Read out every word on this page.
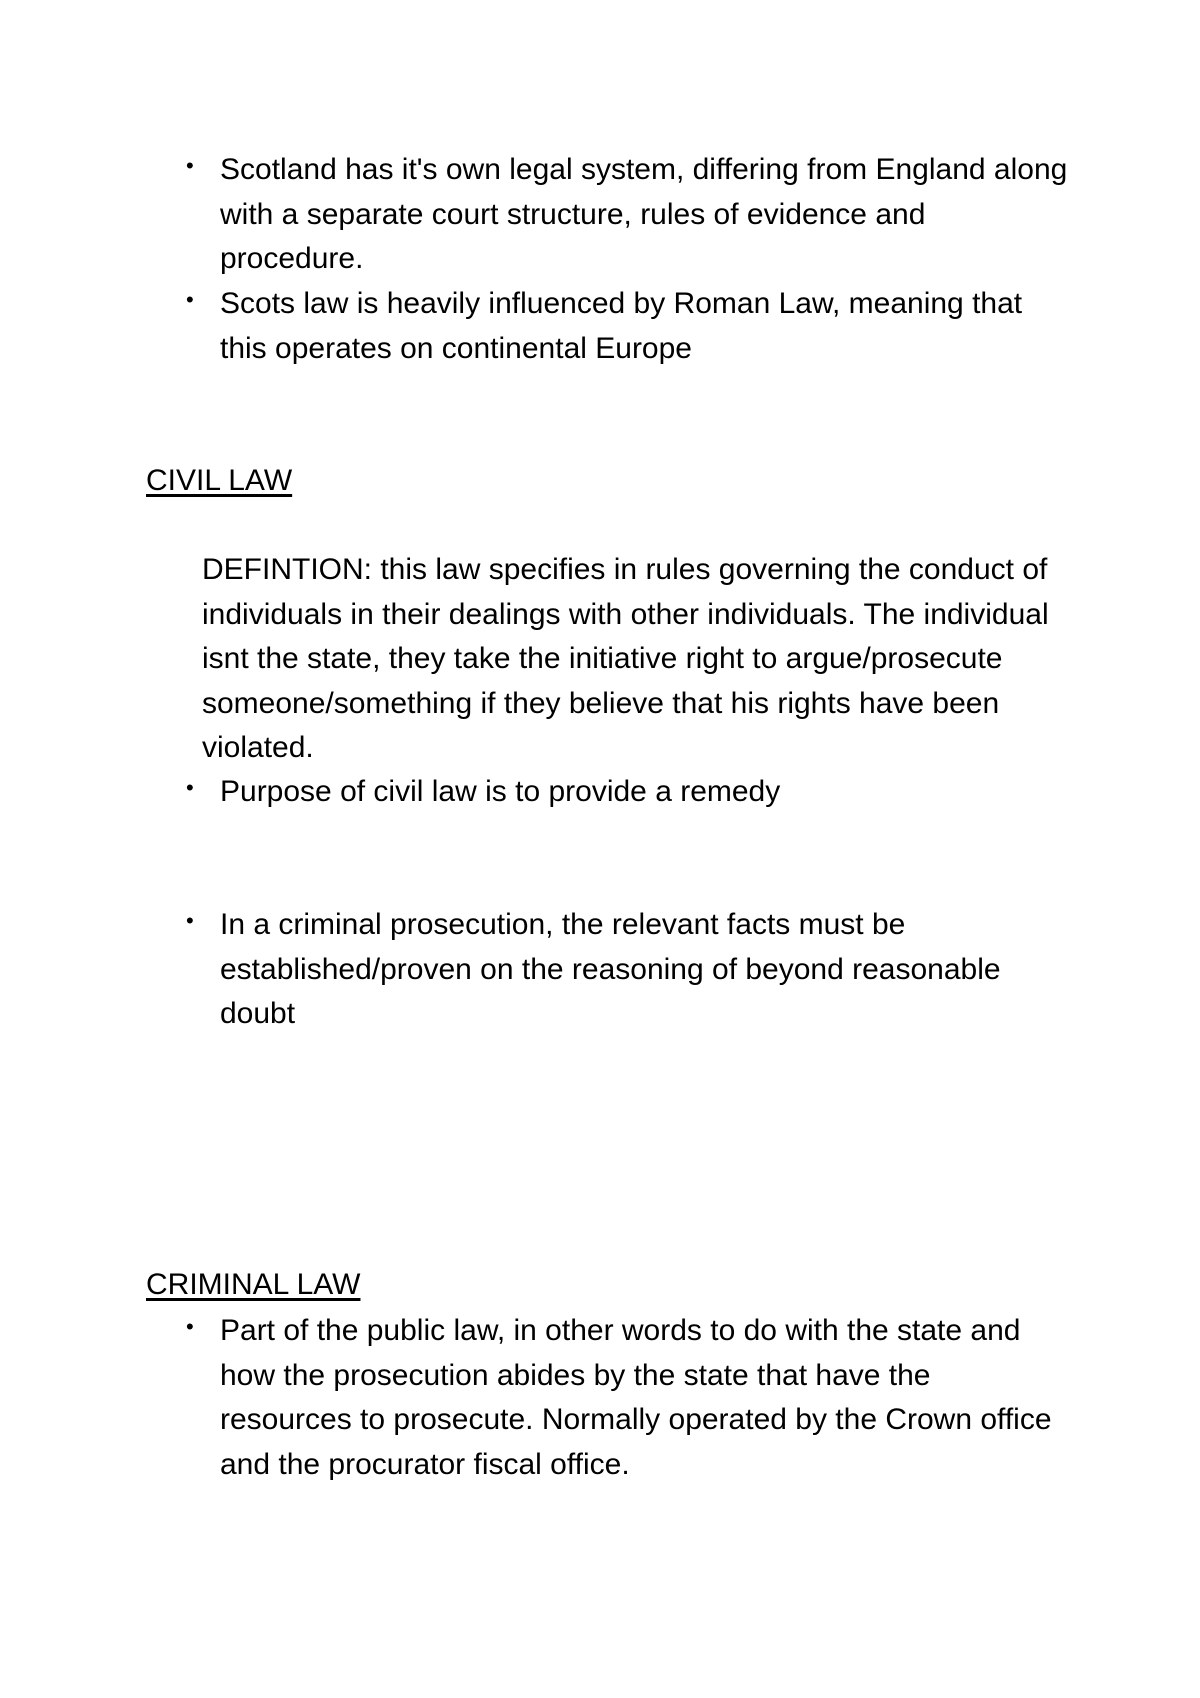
• Scotland has it's own legal system, differing from England along with a separate court structure, rules of evidence and procedure.
• Scots law is heavily influenced by Roman Law, meaning that this operates on continental Europe
CIVIL LAW
DEFINTION: this law specifies in rules governing the conduct of individuals in their dealings with other individuals. The individual isnt the state, they take the initiative right to argue/prosecute someone/something if they believe that his rights have been violated.
• Purpose of civil law is to provide a remedy
• In a criminal prosecution, the relevant facts must be established/proven on the reasoning of beyond reasonable doubt
CRIMINAL LAW
• Part of the public law, in other words to do with the state and how the prosecution abides by the state that have the resources to prosecute. Normally operated by the Crown office and the procurator fiscal office.
